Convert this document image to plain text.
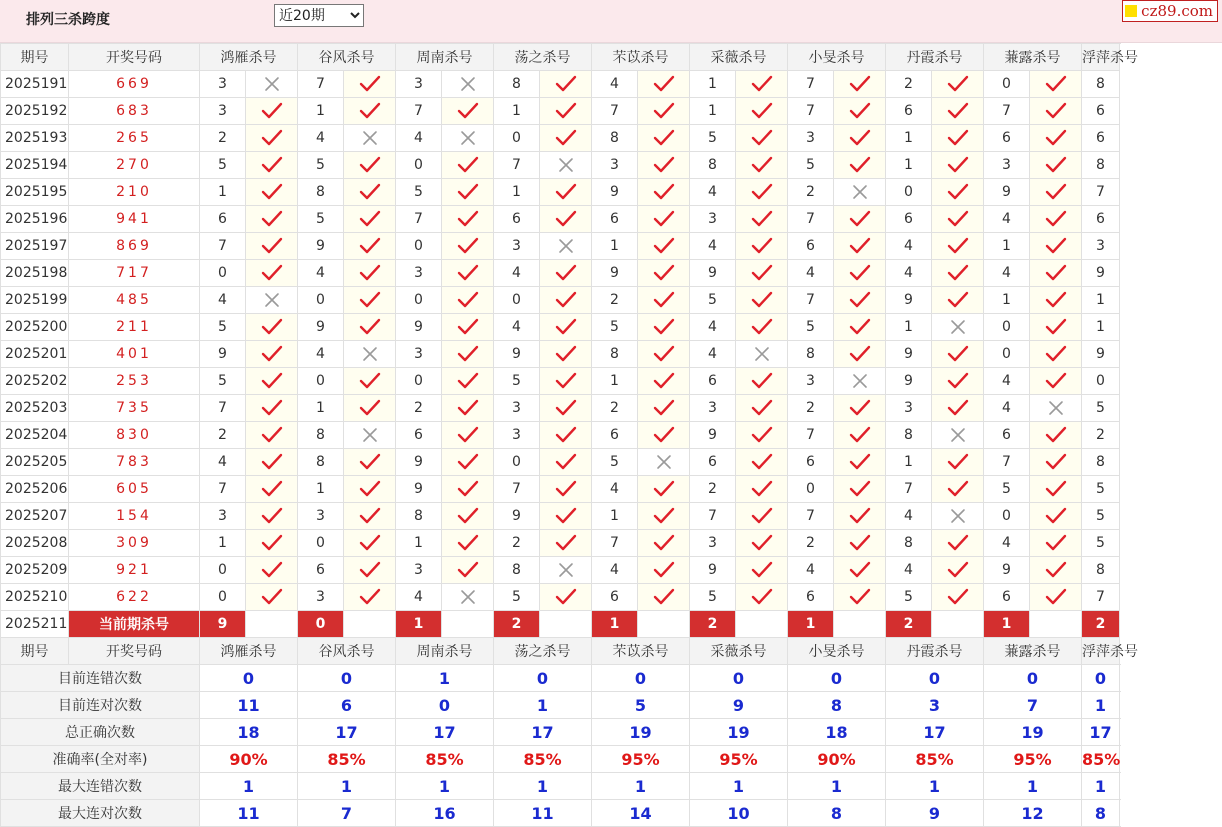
排列三杀跨度
近20期	cz89.com
期号	开奖号码	鸿雁杀号		谷风杀号		周南杀号		荡之杀号		芣苡杀号		采薇杀号		小旻杀号		丹霞杀号		蒹露杀号		浮萍杀号	
2025191	669	3		7		3		8		4		1		7		2		0		8		
2025192	683	3		1		7		1		7		1		7		6		7		6		
2025193	265	2		4		4		0		8		5		3		1		6		6		
2025194	270	5		5		0		7		3		8		5		1		3		8		
2025195	210	1		8		5		1		9		4		2		0		9		7		
2025196	941	6		5		7		6		6		3		7		6		4		6		
2025197	869	7		9		0		3		1		4		6		4		1		3		
2025198	717	0		4		3		4		9		9		4		4		4		9		
2025199	485	4		0		0		0		2		5		7		9		1		1		
2025200	211	5		9		9		4		5		4		5		1		0		1		
2025201	401	9		4		3		9		8		4		8		9		0		9		
2025202	253	5		0		0		5		1		6		3		9		4		0		
2025203	735	7		1		2		3		2		3		2		3		4		5		
2025204	830	2		8		6		3		6		9		7		8		6		2		
2025205	783	4		8		9		0		5		6		6		1		7		8		
2025206	605	7		1		9		7		4		2		0		7		5		5		
2025207	154	3		3		8		9		1		7		7		4		0		5		
2025208	309	1		0		1		2		7		3		2		8		4		5		
2025209	921	0		6		3		8		4		9		4		4		9		8		
2025210	622	0		3		4		5		6		5		6		5		6		7		
2025211	当前期杀号	9		0		1		2		1		2		1		2		1		2		
期号	开奖号码	鸿雁杀号		谷风杀号		周南杀号		荡之杀号		芣苡杀号		采薇杀号		小旻杀号		丹霞杀号		蒹露杀号		浮萍杀号	
目前连错次数		0		0		1		0		0		0		0		0		0		0	
目前连对次数		11		6		0		1		5		9		8		3		7		1	
总正确次数		18		17		17		17		19		19		18		17		19		17	
准确率(全对率)		90%		85%		85%		85%		95%		95%		90%		85%		95%		85%	
最大连错次数		1		1		1		1		1		1		1		1		1		1	
最大连对次数		11		7		16		11		14		10		8		9		12		8	
